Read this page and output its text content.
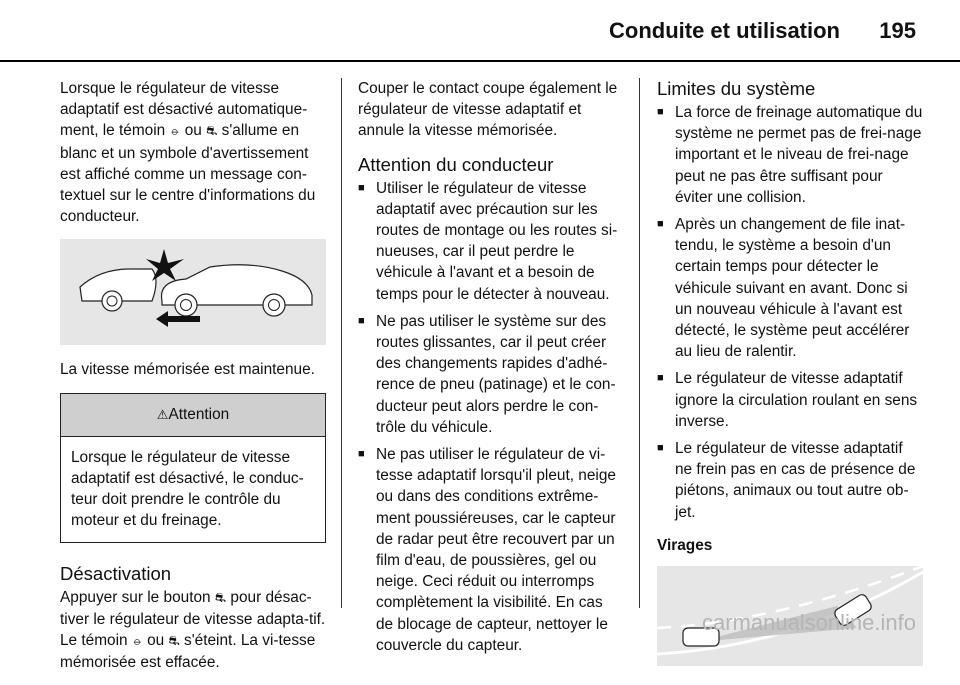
Conduite et utilisation 195

Lorsque le régulateur de vitesse adaptatif est désactivé automatique-ment, le témoin ⦵ ou ⛐ s'allume en blanc et un symbole d'avertissement est affiché comme un message con-textuel sur le centre d'informations du conducteur.

La vitesse mémorisée est maintenue.

⚠Attention
Lorsque le régulateur de vitesse adaptatif est désactivé, le conduc-teur doit prendre le contrôle du moteur et du freinage.
Désactivation

Appuyer sur le bouton ⛐ pour désac-tiver le régulateur de vitesse adapta-tif. Le témoin ⦵ ou ⛐ s'éteint. La vi-tesse mémorisée est effacée.

Couper le contact coupe également le régulateur de vitesse adaptatif et annule la vitesse mémorisée.

Attention du conducteur
■ Utiliser le régulateur de vitesse adaptatif avec précaution sur les routes de montage ou les routes si-nueuses, car il peut perdre le véhicule à l'avant et a besoin de temps pour le détecter à nouveau.
■ Ne pas utiliser le système sur des routes glissantes, car il peut créer des changements rapides d'adhé-rence de pneu (patinage) et le con-ducteur peut alors perdre le con-trôle du véhicule.
■ Ne pas utiliser le régulateur de vi-tesse adaptatif lorsqu'il pleut, neige ou dans des conditions extrême-ment poussiéreuses, car le capteur de radar peut être recouvert par un film d'eau, de poussières, gel ou neige. Ceci réduit ou interromps complètement la visibilité. En cas de blocage de capteur, nettoyer le couvercle du capteur.
Limites du système
■ La force de freinage automatique du système ne permet pas de frei-nage important et le niveau de frei-nage peut ne pas être suffisant pour éviter une collision.
■ Après un changement de file inat-tendu, le système a besoin d'un certain temps pour détecter le véhicule suivant en avant. Donc si un nouveau véhicule à l'avant est détecté, le système peut accélérer au lieu de ralentir.
■ Le régulateur de vitesse adaptatif ignore la circulation roulant en sens inverse.
■ Le régulateur de vitesse adaptatif ne frein pas en cas de présence de piétons, animaux ou tout autre ob-jet.
Virages
carmanualsonline.info
